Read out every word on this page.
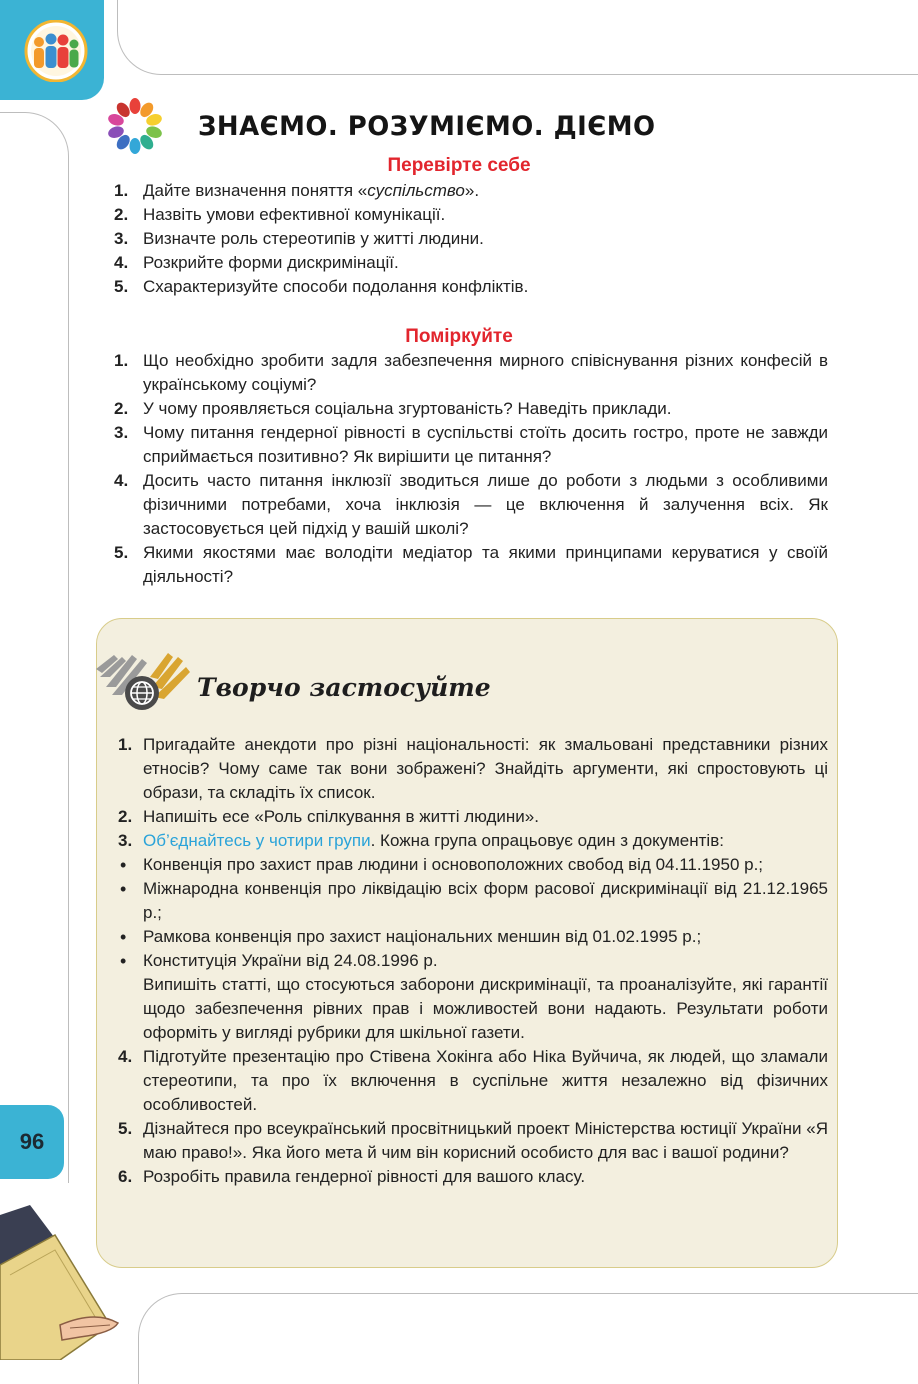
ЗНАЄМО. РОЗУМІЄМО. ДІЄМО
Перевірте себе
1. Дайте визначення поняття «суспільство».
2. Назвіть умови ефективної комунікації.
3. Визначте роль стереотипів у житті людини.
4. Розкрийте форми дискримінації.
5. Схарактеризуйте способи подолання конфліктів.
Поміркуйте
1. Що необхідно зробити задля забезпечення мирного співіснування різних конфесій в українському соціумі?
2. У чому проявляється соціальна згуртованість? Наведіть приклади.
3. Чому питання гендерної рівності в суспільстві стоїть досить гостро, проте не завжди сприймається позитивно? Як вирішити це питання?
4. Досить часто питання інклюзії зводиться лише до роботи з людьми з особливими фізичними потребами, хоча інклюзія — це включення й залучення всіх. Як застосовується цей підхід у вашій школі?
5. Якими якостями має володіти медіатор та якими принципами керуватися у своїй діяльності?
Творчо застосуйте
1. Пригадайте анекдоти про різні національності: як змальовані представники різних етносів? Чому саме так вони зображені? Знайдіть аргументи, які спростовують ці образи, та складіть їх список.
2. Напишіть есе «Роль спілкування в житті людини».
3. Об’єднайтесь у чотири групи. Кожна група опрацьовує один з документів:
• Конвенція про захист прав людини і основоположних свобод від 04.11.1950 р.;
• Міжнародна конвенція про ліквідацію всіх форм расової дискримінації від 21.12.1965 р.;
• Рамкова конвенція про захист національних меншин від 01.02.1995 р.;
• Конституція України від 24.08.1996 р.
Випишіть статті, що стосуються заборони дискримінації, та проаналізуйте, які гарантії щодо забезпечення рівних прав і можливостей вони надають. Результати роботи оформіть у вигляді рубрики для шкільної газети.
4. Підготуйте презентацію про Стівена Хокінга або Ніка Вуйчича, як людей, що зламали стереотипи, та про їх включення в суспільне життя незалежно від фізичних особливостей.
5. Дізнайтеся про всеукраїнський просвітницький проект Міністерства юстиції України «Я маю право!». Яка його мета й чим він корисний особисто для вас і вашої родини?
6. Розробіть правила гендерної рівності для вашого класу.
96
